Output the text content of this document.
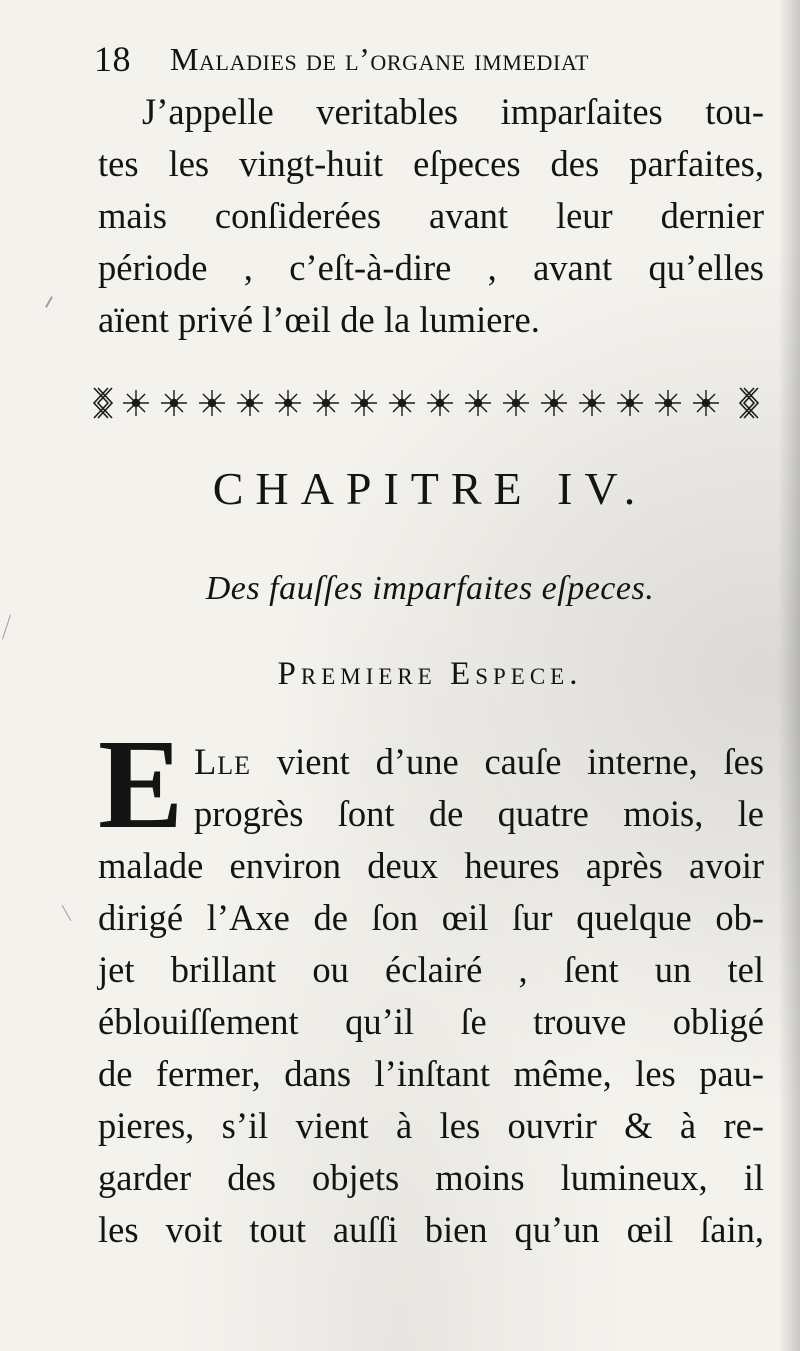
18 Maladies de l’organe immediat
J’appelle veritables imparſaites tou-
tes les vingt-huit eſpeces des parfaites,
mais conſiderées avant leur dernier
période , c’eſt-à-dire , avant qu’elles
aïent privé l’œil de la lumiere.
CHAPITRE IV.
Des fauſſes imparfaites eſpeces.
Premiere Espece.
E Lle vient d’une cauſe interne, ſes
progrès ſont de quatre mois, le
malade environ deux heures après avoir
dirigé l’Axe de ſon œil ſur quelque ob-
jet brillant ou éclairé , ſent un tel
éblouiſſement qu’il ſe trouve obligé
de fermer, dans l’inſtant même, les pau-
pieres, s’il vient à les ouvrir & à re-
garder des objets moins lumineux, il
les voit tout auſſi bien qu’un œil ſain,
